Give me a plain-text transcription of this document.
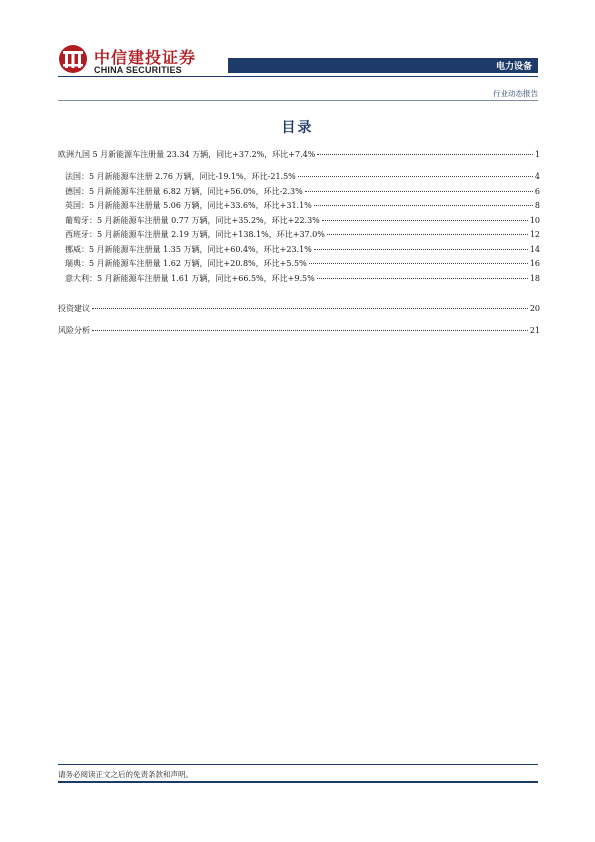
中信建投证券
CHINA SECURITIES	电力设备
行业动态报告
目录
欧洲九国 5 月新能源车注册量 23.34 万辆，同比+37.2%，环比+7.4%	1
法国：5 月新能源车注册 2.76 万辆，同比-19.1%，环比-21.5%	4
德国：5 月新能源车注册量 6.82 万辆，同比+56.0%，环比-2.3%	6
英国：5 月新能源车注册量 5.06 万辆，同比+33.6%，环比+31.1%	8
葡萄牙：5 月新能源车注册量 0.77 万辆，同比+35.2%，环比+22.3%	10
西班牙：5 月新能源车注册量 2.19 万辆，同比+138.1%，环比+37.0%	12
挪威：5 月新能源车注册量 1.35 万辆，同比+60.4%，环比+23.1%	14
瑞典：5 月新能源车注册量 1.62 万辆，同比+20.8%，环比+5.5%	16
意大利：5 月新能源车注册量 1.61 万辆，同比+66.5%，环比+9.5%	18
投资建议	20
风险分析	21
请务必阅读正文之后的免责条款和声明。
